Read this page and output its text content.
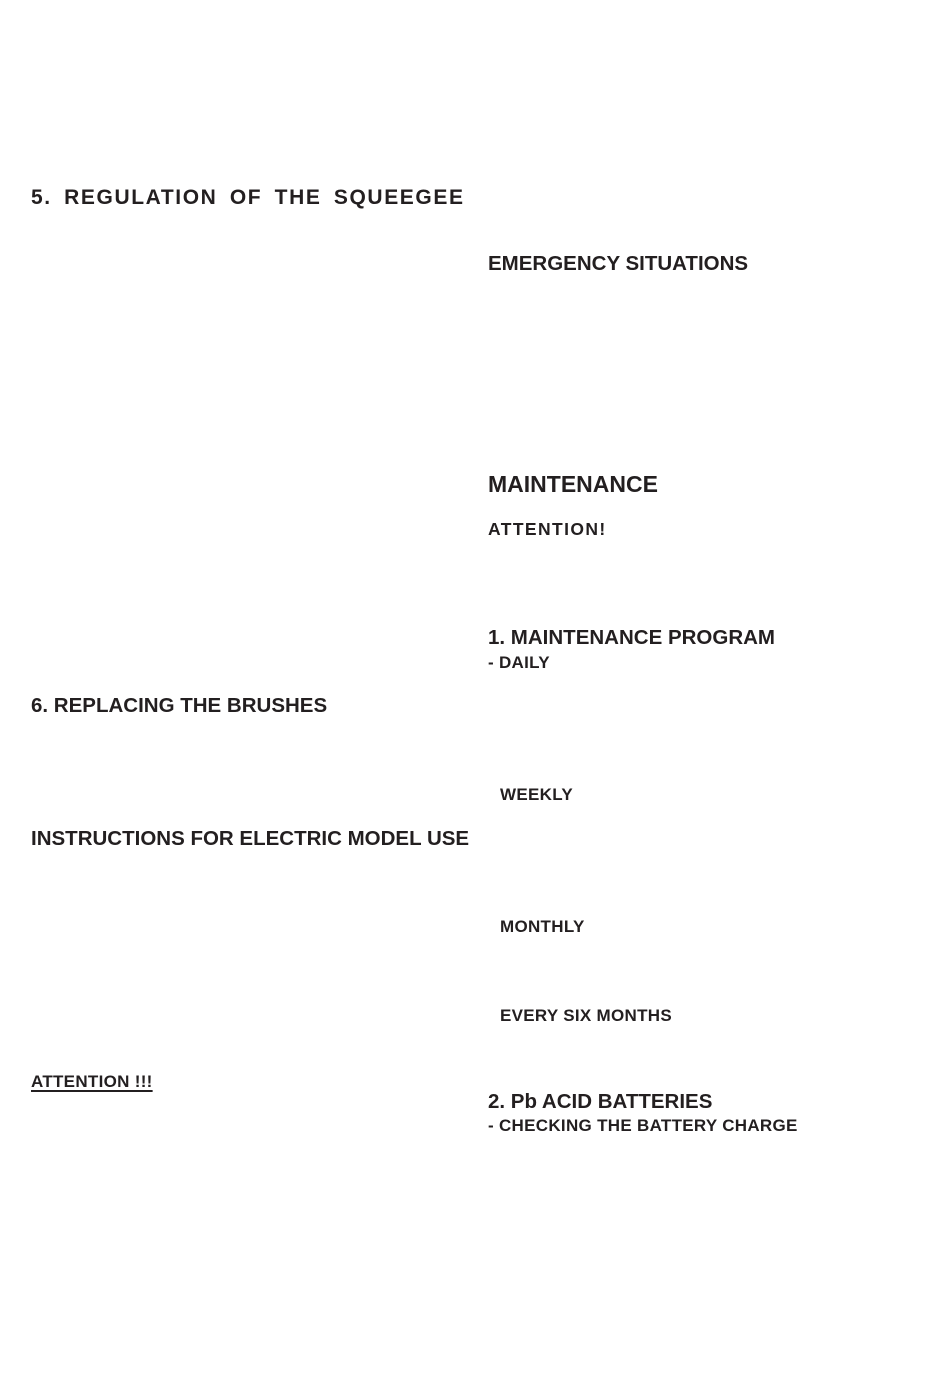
5. REGULATION OF THE SQUEEGEE
6. REPLACING THE BRUSHES
INSTRUCTIONS FOR ELECTRIC MODEL USE
ATTENTION !!!
EMERGENCY SITUATIONS
MAINTENANCE
ATTENTION!
1. MAINTENANCE PROGRAM
- DAILY
WEEKLY
MONTHLY
EVERY SIX MONTHS
2. Pb ACID BATTERIES
- CHECKING THE BATTERY CHARGE
